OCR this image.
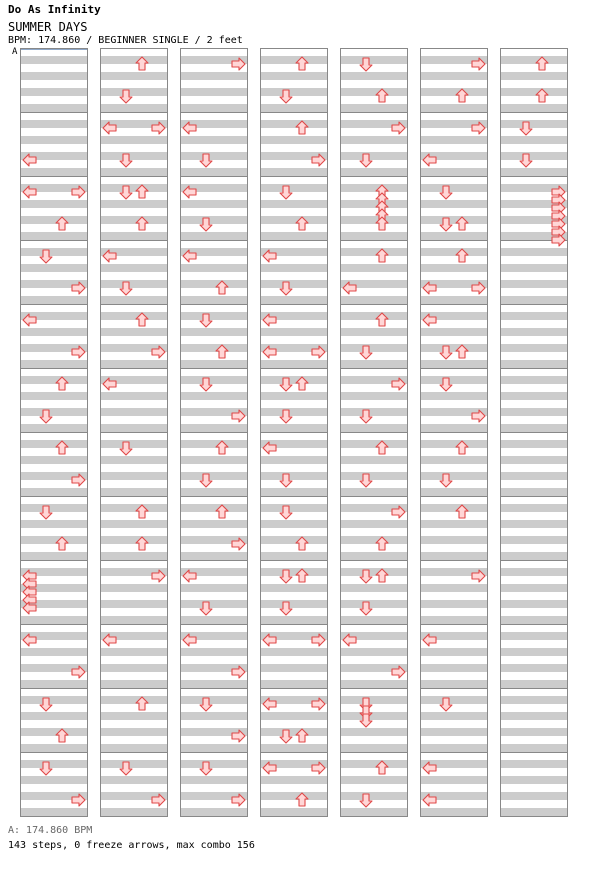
Do As Infinity
SUMMER DAYS
BPM: 174.860 / BEGINNER SINGLE / 2 feet
A
A: 174.860 BPM
143 steps, 0 freeze arrows, max combo 156
